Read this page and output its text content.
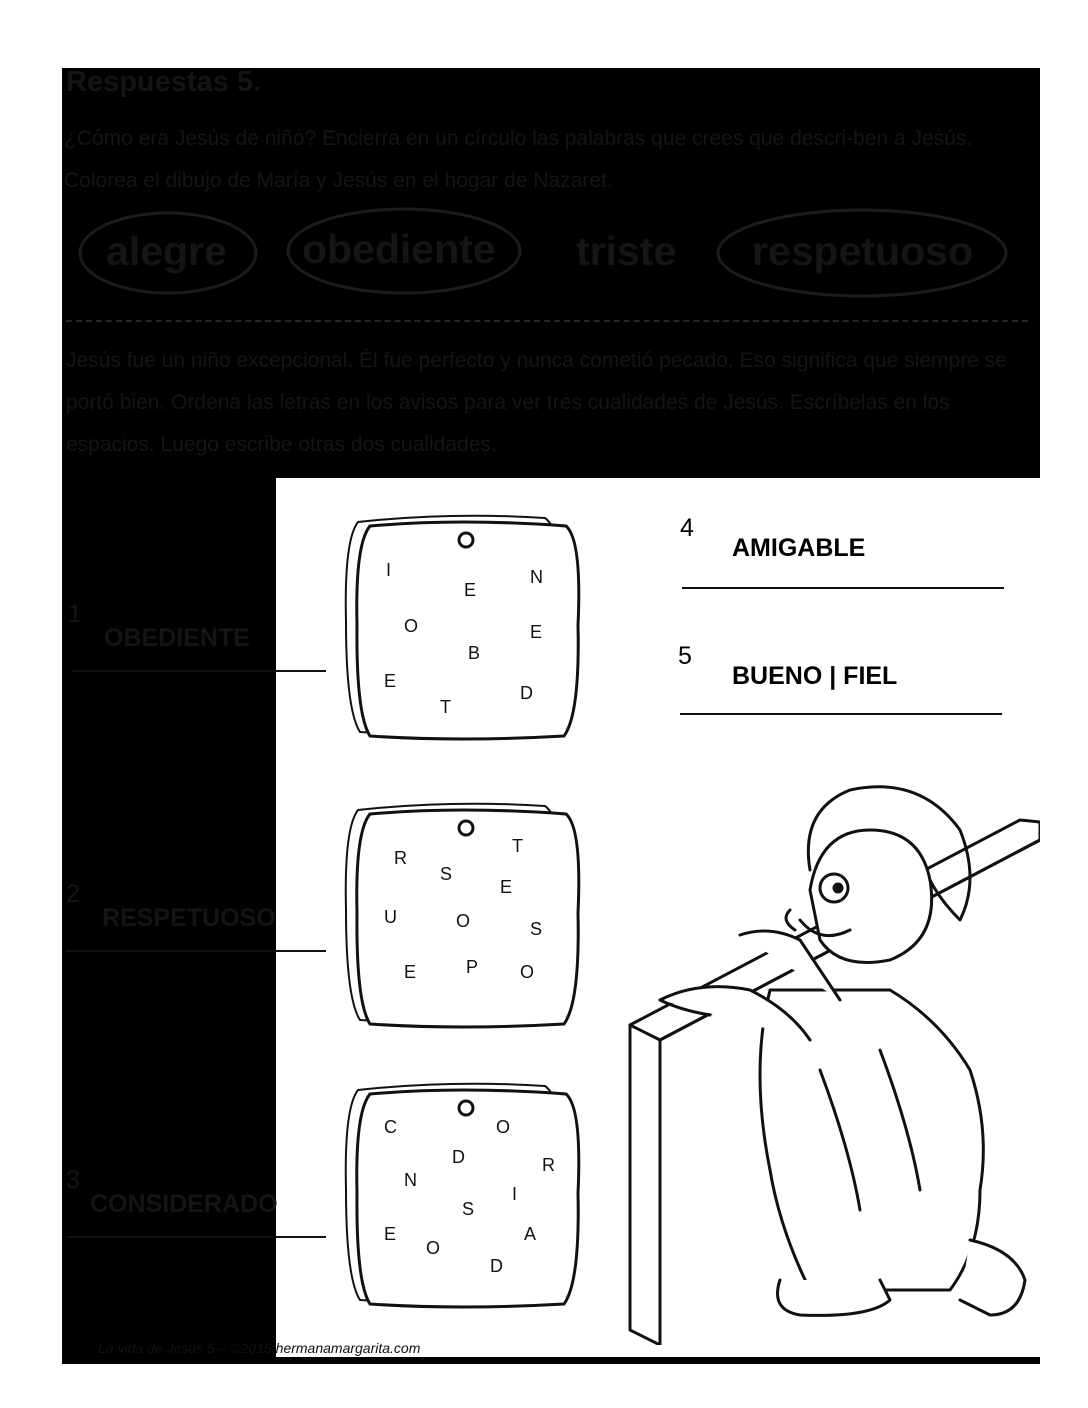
Respuestas 5.
¿Cómo era Jesús de niño? Encierra en un círculo las palabras que crees que descri-ben a Jesús. Colorea el dibujo de María y Jesús en el hogar de Nazaret.
alegre obediente triste respetuoso
Jesús fue un niño excepcional. Él fue perfecto y nunca cometió pecado. Eso significa que siempre se portó bien. Ordena las letras en los avisos para ver tres cualidades de Jesús. Escríbelas en los espacios. Luego escribe otras dos cualidades.
I
E
N
O	E
B
E
D
T
R
T
S
E
U	O	S
E	P O
C	O
D	R
N
I
S
E	A
O
D
1
OBEDIENTE
2
RESPETUOSO
3
CONSIDERADO
4
AMIGABLE
5
BUENO | FIEL
La vida de Jesús 5 – ©2015 hermanamargarita.com
